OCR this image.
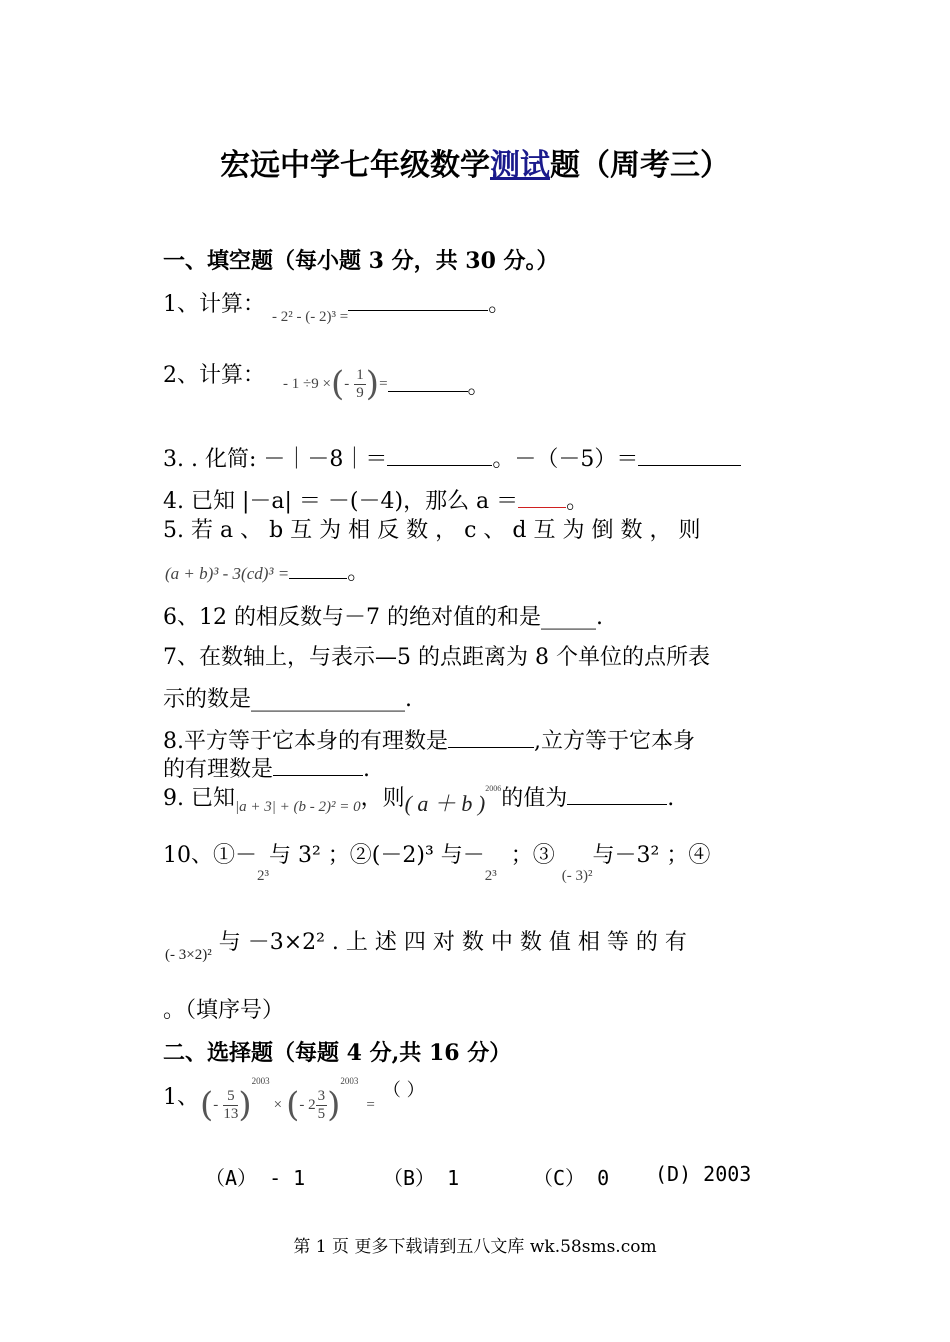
宏远中学七年级数学测试题（周考三）
一、填空题（每小题 3 分，共 30 分。）
1、计算： $_{- 2^2 - (- 2)^3 =}$	。
2、计算： - 1 ÷9 × ( -
$\frac{1}{9}$ ) =	。
3. . 化简: －｜－8｜＝	。－（－5）＝
4. 已知 |－a| ＝ －(－4)，那么 a ＝ 。
5. 若 a 、 b 互 为 相 反 数 ， c 、 d 互 为 倒 数 ， 则
(a + b)³ - 3(cd)³ =	。
6、12 的相反数与－7 的绝对值的和是_____.
7、在数轴上，与表示—5 的点距离为 8 个单位的点所表
示的数是______________.
8.平方等于它本身的有理数是	,立方等于它本身
的有理数是	.
9. 已知$_{|a + 3| + (b - 2)^2 = 0}$，则( a ＋ b )$^{2006}$的值为	.
10、$①-_{2^3}$与 3² ；②(－2)³ 与$-_{2^3}$  ；③ $_{(- 3)^2}$与－3² ；④
$_{(- 3\times 2)^2}$ 与 －3×2² . 上 述 四 对 数 中 数 值 相 等 的 有
。（填序号）
二、选择题（每题 4 分,共 16 分）
1、 ( -
$\frac{5}{13}$ )
2003
× ( - $2 \frac{3}{5}$ )
2003
=
（ ）
（A） - 1	（B） 1	（C） 0 (D) 2003
第 1 页 更多下载请到五八文库 wk.58sms.com
